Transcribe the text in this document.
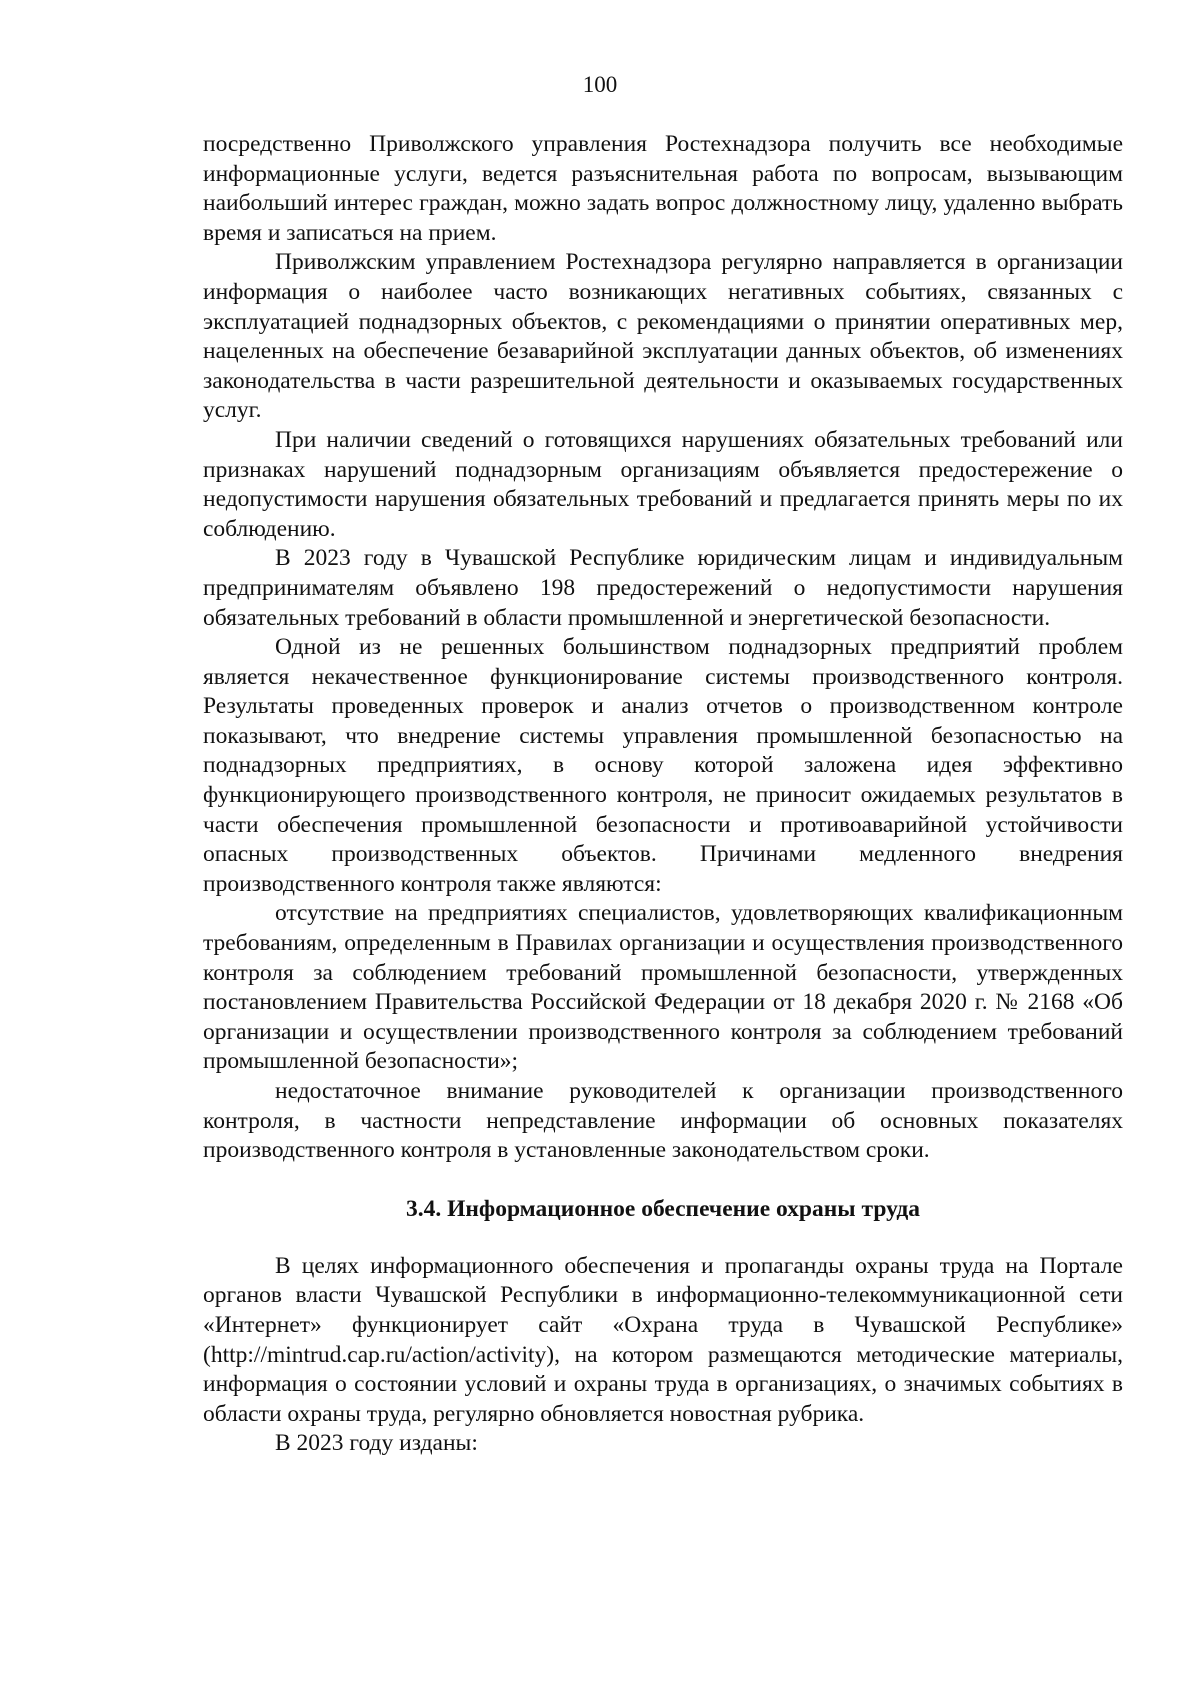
100

посредственно Приволжского управления Ростехнадзора получить все необходимые информационные услуги, ведется разъяснительная работа по вопросам, вызывающим наибольший интерес граждан, можно задать вопрос должностному лицу, удаленно выбрать время и записаться на прием.

Приволжским управлением Ростехнадзора регулярно направляется в организации информация о наиболее часто возникающих негативных событиях, связанных с эксплуатацией поднадзорных объектов, с рекомендациями о принятии оперативных мер, нацеленных на обеспечение безаварийной эксплуатации данных объектов, об изменениях законодательства в части разрешительной деятельности и оказываемых государственных услуг.

При наличии сведений о готовящихся нарушениях обязательных требований или признаках нарушений поднадзорным организациям объявляется предостережение о недопустимости нарушения обязательных требований и предлагается принять меры по их соблюдению.

В 2023 году в Чувашской Республике юридическим лицам и индивидуальным предпринимателям объявлено 198 предостережений о недопустимости нарушения обязательных требований в области промышленной и энергетической безопасности.

Одной из не решенных большинством поднадзорных предприятий проблем является некачественное функционирование системы производственного контроля. Результаты проведенных проверок и анализ отчетов о производственном контроле показывают, что внедрение системы управления промышленной безопасностью на поднадзорных предприятиях, в основу которой заложена идея эффективно функционирующего производственного контроля, не приносит ожидаемых результатов в части обеспечения промышленной безопасности и противоаварийной устойчивости опасных производственных объектов. Причинами медленного внедрения производственного контроля также являются:

отсутствие на предприятиях специалистов, удовлетворяющих квалификационным требованиям, определенным в Правилах организации и осуществления производственного контроля за соблюдением требований промышленной безопасности, утвержденных постановлением Правительства Российской Федерации от 18 декабря 2020 г. № 2168 «Об организации и осуществлении производственного контроля за соблюдением требований промышленной безопасности»;

недостаточное внимание руководителей к организации производственного контроля, в частности непредставление информации об основных показателях производственного контроля в установленные законодательством сроки.

3.4. Информационное обеспечение охраны труда

В целях информационного обеспечения и пропаганды охраны труда на Портале органов власти Чувашской Республики в информационно-телекоммуникационной сети «Интернет» функционирует сайт «Охрана труда в Чувашской Республике» (http://mintrud.cap.ru/action/activity), на котором размещаются методические материалы, информация о состоянии условий и охраны труда в организациях, о значимых событиях в области охраны труда, регулярно обновляется новостная рубрика.

В 2023 году изданы:
